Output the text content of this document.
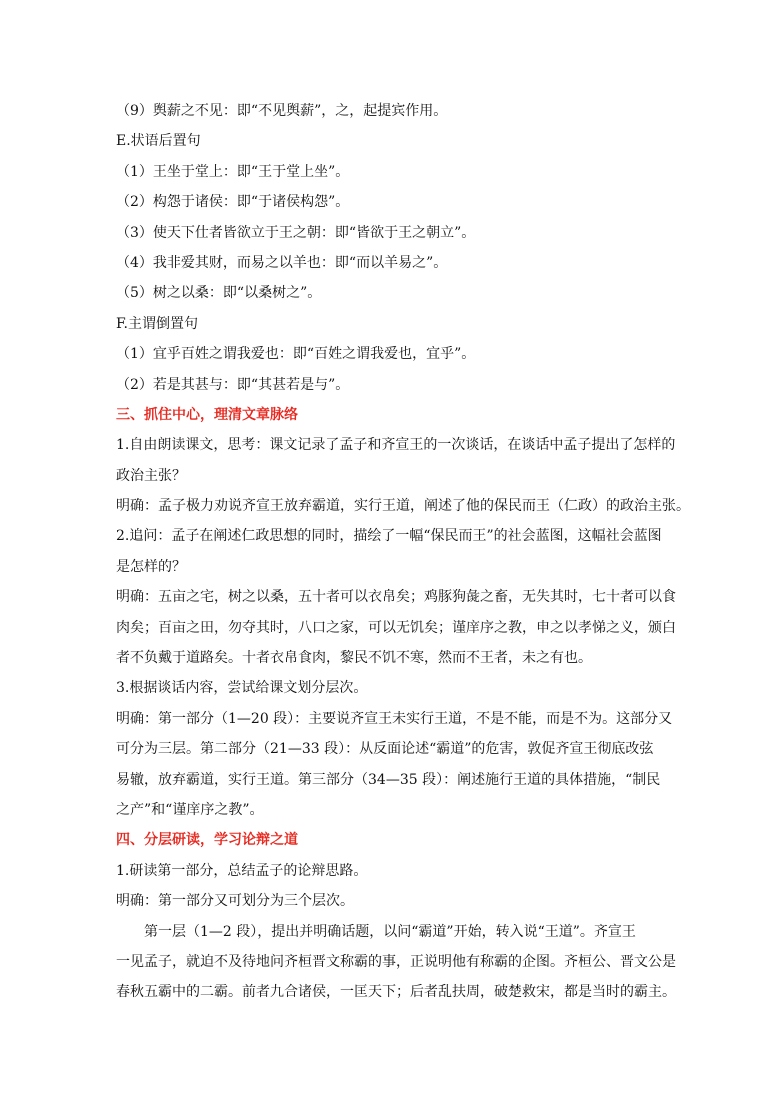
（9）舆薪之不见：即“不见舆薪”，之，起提宾作用。
E.状语后置句
（1）王坐于堂上：即“王于堂上坐”。
（2）构怨于诸侯：即“于诸侯构怨”。
（3）使天下仕者皆欲立于王之朝：即“皆欲于王之朝立”。
（4）我非爱其财，而易之以羊也：即“而以羊易之”。
（5）树之以桑：即“以桑树之”。
F.主谓倒置句
（1）宜乎百姓之谓我爱也：即“百姓之谓我爱也，宜乎”。
（2）若是其甚与：即“其甚若是与”。
三、抓住中心，理清文章脉络
1.自由朗读课文，思考：课文记录了孟子和齐宣王的一次谈话，在谈话中孟子提出了怎样的
政治主张？
明确：孟子极力劝说齐宣王放弃霸道，实行王道，阐述了他的保民而王（仁政）的政治主张。
2.追问：孟子在阐述仁政思想的同时，描绘了一幅“保民而王”的社会蓝图，这幅社会蓝图
是怎样的？
明确：五亩之宅，树之以桑，五十者可以衣帛矣；鸡豚狗彘之畜，无失其时，七十者可以食
肉矣；百亩之田，勿夺其时，八口之家，可以无饥矣；谨庠序之教，申之以孝悌之义，颁白
者不负戴于道路矣。十者衣帛食肉，黎民不饥不寒，然而不王者，未之有也。
3.根据谈话内容，尝试给课文划分层次。
明确：第一部分（1—20 段）：主要说齐宣王未实行王道，不是不能，而是不为。这部分又
可分为三层。第二部分（21—33 段）：从反面论述“霸道”的危害，敦促齐宣王彻底改弦
易辙，放弃霸道，实行王道。第三部分（34—35 段）：阐述施行王道的具体措施，“制民
之产”和“谨庠序之教”。
四、分层研读，学习论辩之道
1.研读第一部分，总结孟子的论辩思路。
明确：第一部分又可划分为三个层次。
第一层（1—2 段），提出并明确话题，以问“霸道”开始，转入说“王道”。齐宣王
一见孟子，就迫不及待地问齐桓晋文称霸的事，正说明他有称霸的企图。齐桓公、晋文公是
春秋五霸中的二霸。前者九合诸侯，一匡天下；后者乱扶周，破楚救宋，都是当时的霸主。
